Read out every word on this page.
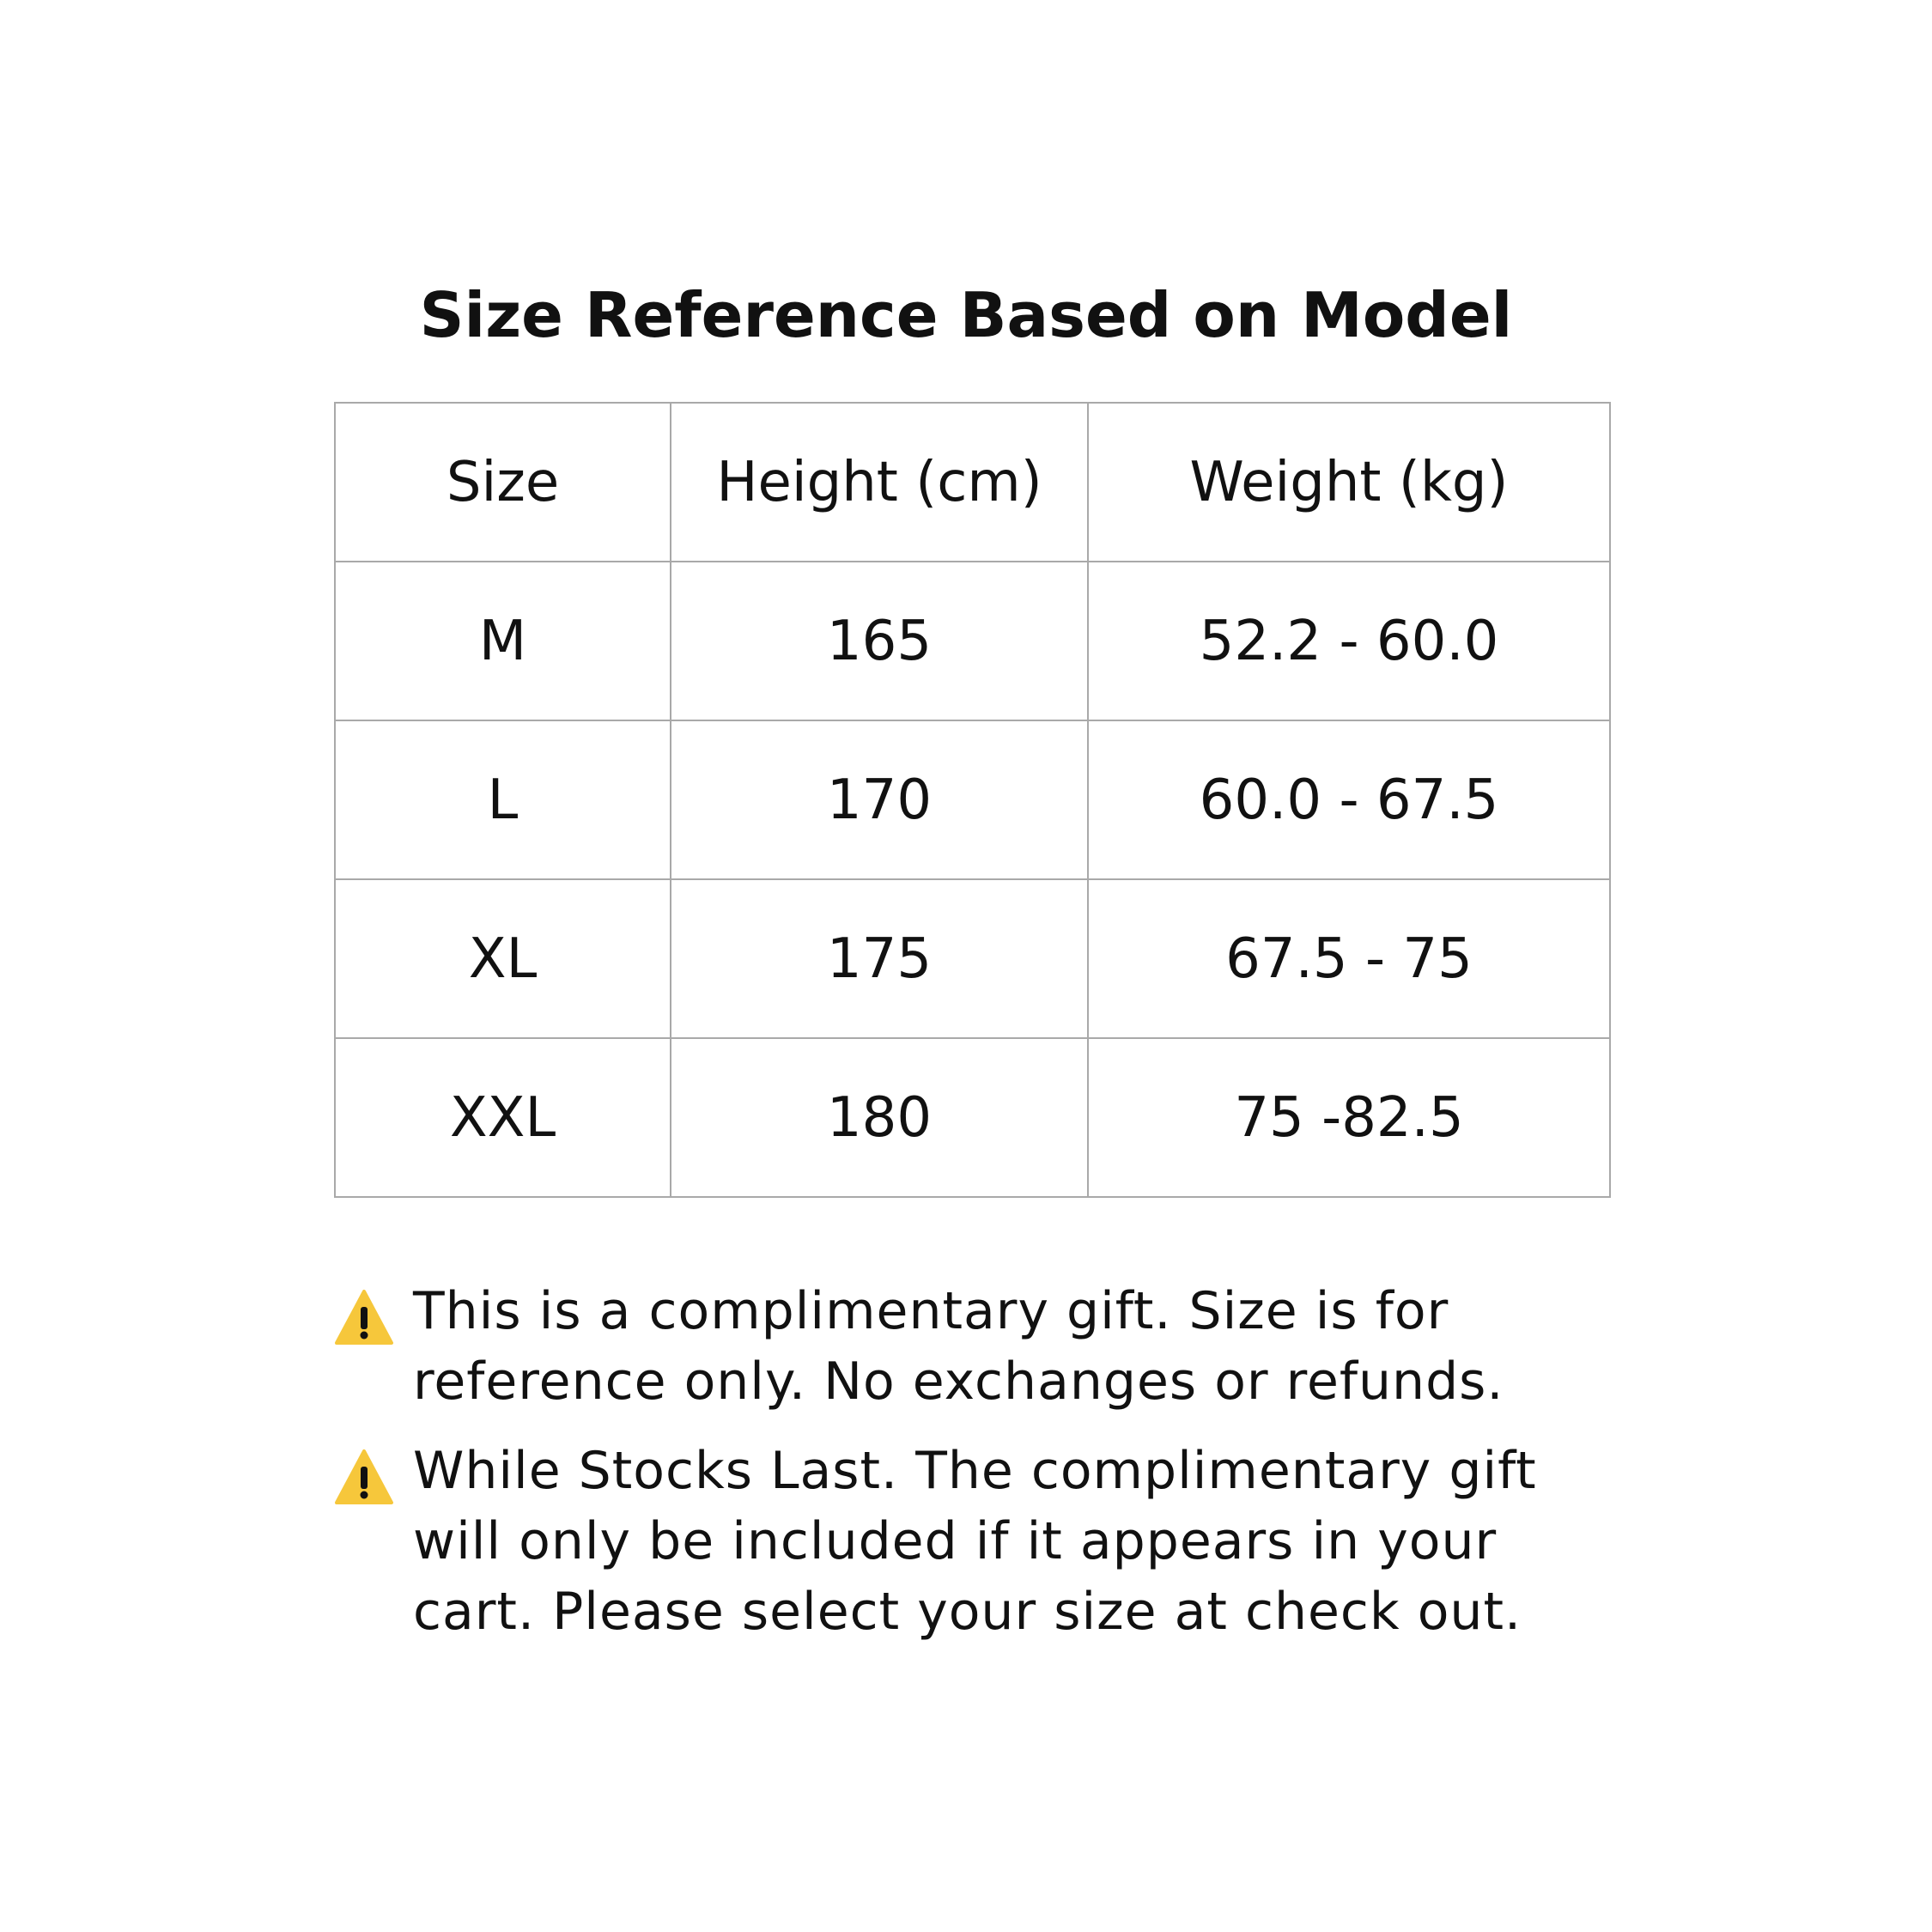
Size Reference Based on Model
Size	Height (cm)	Weight (kg)
M	165	52.2 - 60.0
L	170	60.0 - 67.5
XL	175	67.5 - 75
XXL	180	75 -82.5
This is a complimentary gift. Size is for reference only. No exchanges or refunds.
While Stocks Last. The complimentary gift will only be included if it appears in your cart. Please select your size at check out.
